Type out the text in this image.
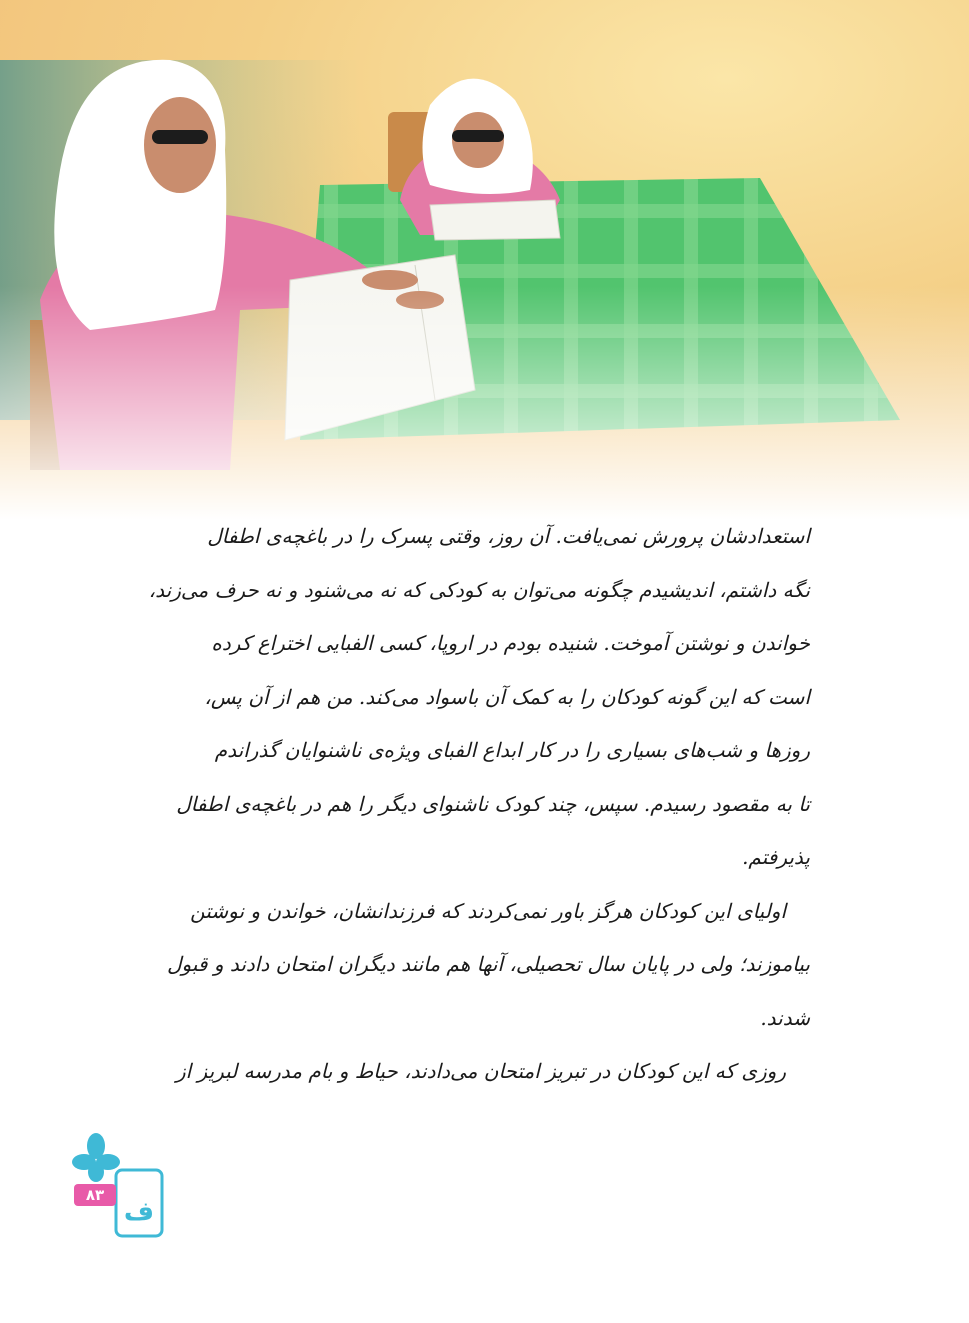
استعدادشان پرورش نمی‌یافت. آن روز، وقتی پسرک را در باغچه‌ی اطفال
نگه داشتم، اندیشیدم چگونه می‌توان به کودکی که نه می‌شنود و نه حرف می‌زند،
خواندن و نوشتن آموخت. شنیده بودم در اروپا، کسی الفبایی اختراع کرده
است که این گونه کودکان را به کمک آن باسواد می‌کند. من هم از آن پس،
روزها و شب‌های بسیاری را در کار ابداع الفبای ویژه‌ی ناشنوایان گذراندم
تا به مقصود رسیدم. سپس، چند کودک ناشنوای دیگر را هم در باغچه‌ی اطفال
پذیرفتم.
اولیای این کودکان هرگز باور نمی‌کردند که فرزندانشان، خواندن و نوشتن
بیاموزند؛ ولی در پایان سال تحصیلی، آنها هم مانند دیگران امتحان دادند و قبول
شدند.
روزی که این کودکان در تبریز امتحان می‌دادند، حیاط و بام مدرسه لبریز از
ف
۸۳
